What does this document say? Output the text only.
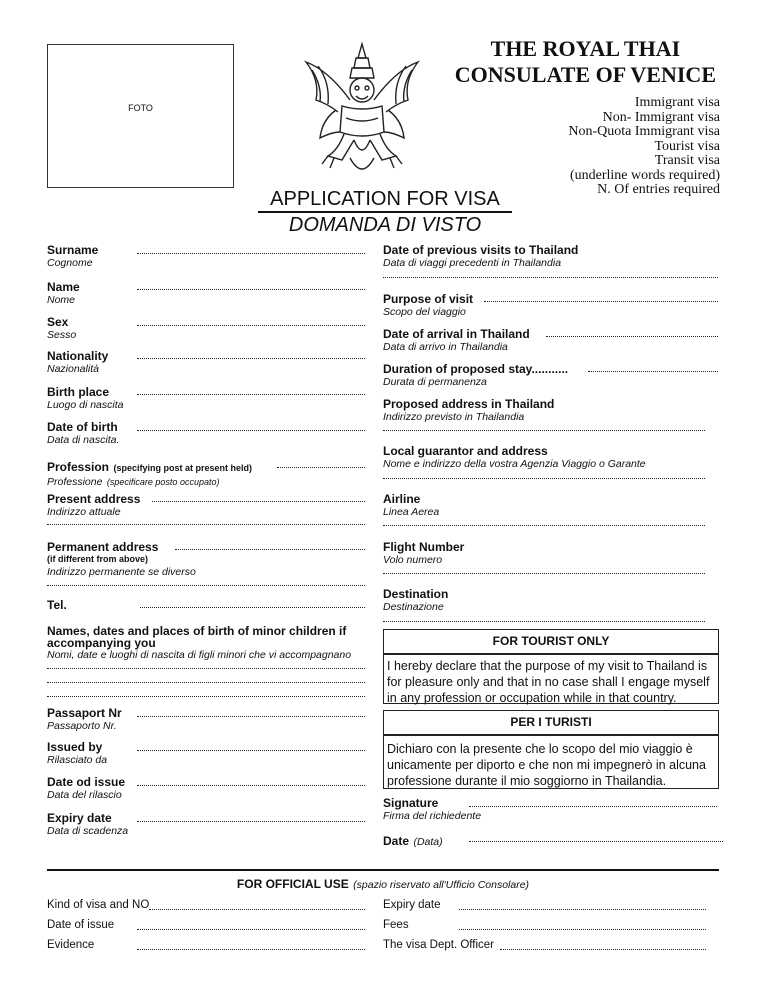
FOTO
THE ROYAL THAI
CONSULATE OF VENICE
Immigrant visa
Non- Immigrant visa
Non-Quota Immigrant visa
Tourist visa
Transit visa
(underline words required)
N. Of entries required
APPLICATION FOR VISA
DOMANDA DI VISTO
Surname
Cognome
Name
Nome
Sex
Sesso
Nationality
Nazionalità
Birth place
Luogo di nascita
Date of birth
Data di nascita.
Profession (specifying post at present held)
Professione (specificare posto occupato)
Present address
Indirizzo attuale
Permanent address
(if different from above)
Indirizzo permanente se diverso
Tel.
Names, dates and places of birth of minor children if
accompanying you
Nomi, date e luoghi di nascita di figli minori che vi accompagnano
Passaport Nr
Passaporto Nr.
Issued by
Rilasciato da
Date od issue
Data del rilascio
Expiry date
Data di scadenza
Date of previous visits to Thailand
Data di viaggi precedenti in Thailandia
Purpose of visit
Scopo del viaggio
Date of arrival in Thailand
Data di arrivo in Thailandia
Duration of proposed stay...........
Durata di permanenza
Proposed address in Thailand
Indirizzo previsto in Thailandia
Local guarantor and address
Nome e indirizzo della vostra Agenzia Viaggio o Garante
Airline
Linea Aerea
Flight Number
Volo numero
Destination
Destinazione
FOR TOURIST ONLY
I hereby declare that the purpose of my visit to Thailand is
for pleasure only and that in no case shall I engage myself
in any profession or occupation while in that country.
PER I TURISTI
Dichiaro con la presente che lo scopo del mio viaggio è
unicamente per diporto e che non mi impegnerò in alcuna
professione durante il mio soggiorno in Thailandia.
Signature
Firma del richiedente
Date (Data)
FOR OFFICIAL USE (spazio riservato all'Ufficio Consolare)
Kind of visa and NO
Date of issue
Evidence
Expiry date
Fees
The visa Dept. Officer
